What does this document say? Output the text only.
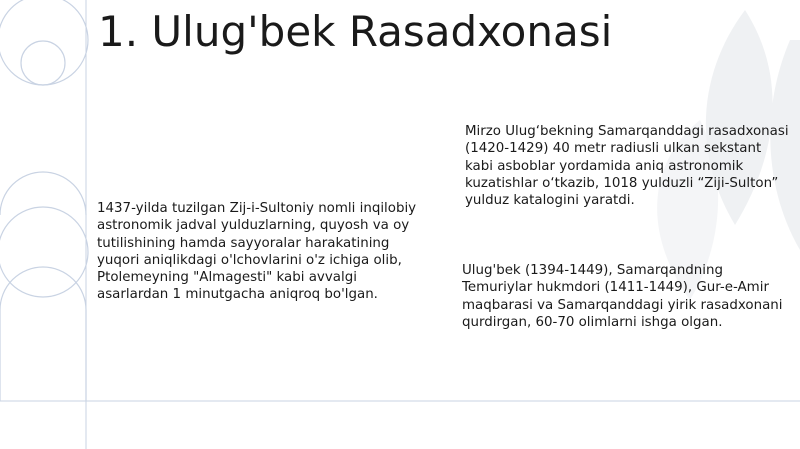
1. Ulug'bek Rasadxonasi

1437-yilda tuzilgan Zij-i-Sultoniy nomli inqilobiy astronomik jadval yulduzlarning, quyosh va oy tutilishining hamda sayyoralar harakatining yuqori aniqlikdagi o'lchovlarini o'z ichiga olib, Ptolemeyning "Almagesti" kabi avvalgi asarlardan 1 minutgacha aniqroq bo'lgan.

Mirzo Ulug‘bekning Samarqanddagi rasadxonasi (1420-1429) 40 metr radiusli ulkan sekstant kabi asboblar yordamida aniq astronomik kuzatishlar o‘tkazib, 1018 yulduzli “Ziji-Sulton” yulduz katalogini yaratdi.

Ulug'bek (1394-1449), Samarqandning Temuriylar hukmdori (1411-1449), Gur-e-Amir maqbarasi va Samarqanddagi yirik rasadxonani qurdirgan, 60-70 olimlarni ishga olgan.
